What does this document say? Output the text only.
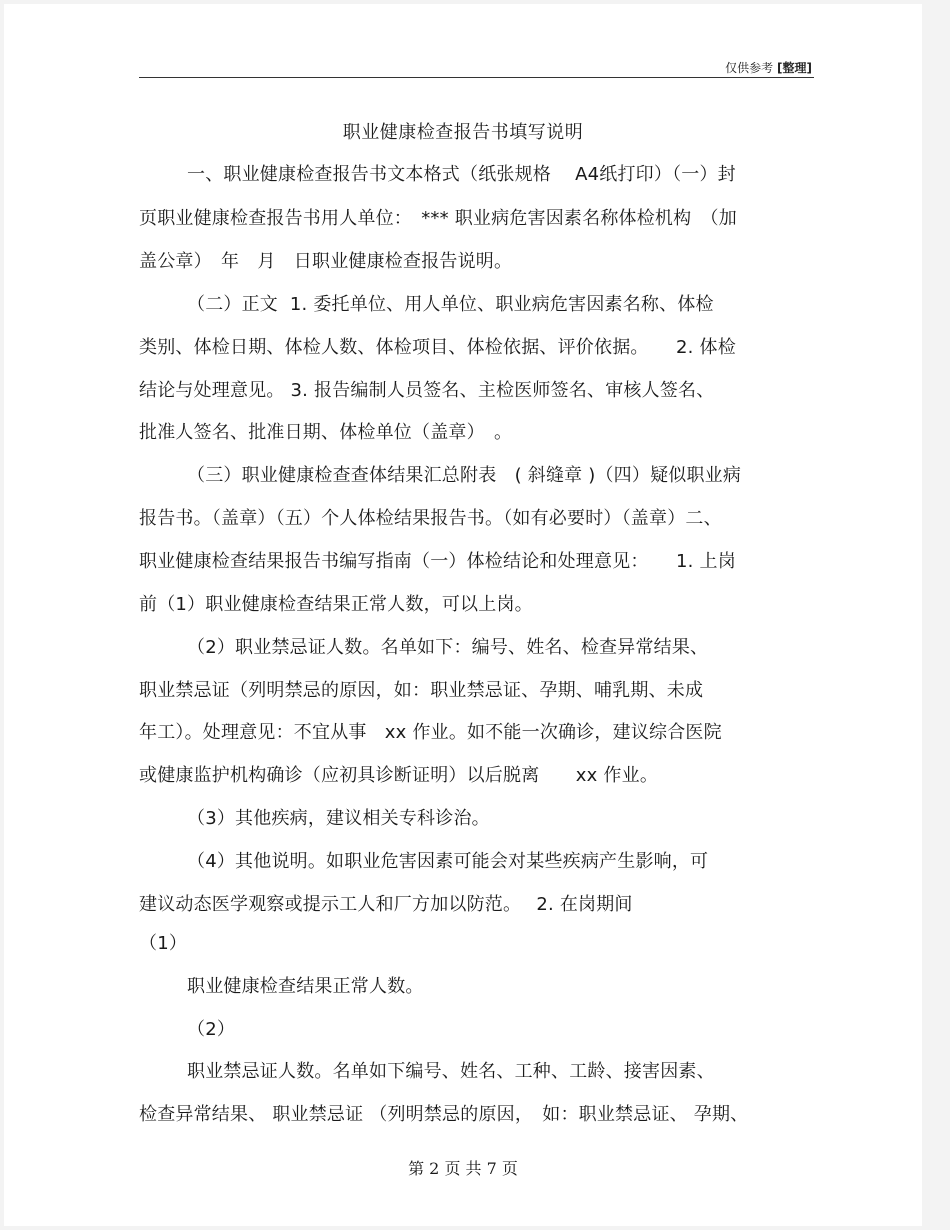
仅供参考 [整理]
职业健康检查报告书填写说明
一、职业健康检查报告书文本格式（纸张规格　 A4纸打印）（一）封
页职业健康检查报告书用人单位：　*** 职业病危害因素名称体检机构　（加
盖公章）　年　月　日职业健康检查报告说明。
（二）正文  1. 委托单位、用人单位、职业病危害因素名称、体检
类别、体检日期、体检人数、体检项目、体检依据、评价依据。　　2. 体检
结论与处理意见。 3. 报告编制人员签名、主检医师签名、审核人签名、
批准人签名、批准日期、体检单位（盖章）　。
（三）职业健康检查查体结果汇总附表　( 斜缝章 )（四）疑似职业病
报告书。（盖章）（五）个人体检结果报告书。（如有必要时）（盖章）二、
职业健康检查结果报告书编写指南（一）体检结论和处理意见：　　1. 上岗
前（1）职业健康检查结果正常人数，可以上岗。
（2）职业禁忌证人数。名单如下：编号、姓名、检查异常结果、
职业禁忌证（列明禁忌的原因，如：职业禁忌证、孕期、哺乳期、未成
年工）。处理意见：不宜从事　xx 作业。如不能一次确诊，建议综合医院
或健康监护机构确诊（应初具诊断证明）以后脱离　　xx 作业。
（3）其他疾病，建议相关专科诊治。
（4）其他说明。如职业危害因素可能会对某些疾病产生影响，可
建议动态医学观察或提示工人和厂方加以防范。　 2. 在岗期间
（1）
职业健康检查结果正常人数。
（2）
职业禁忌证人数。名单如下编号、姓名、工种、工龄、接害因素、
检查异常结果、 职业禁忌证 （列明禁忌的原因，　如：职业禁忌证、 孕期、
第 2 页 共 7 页
